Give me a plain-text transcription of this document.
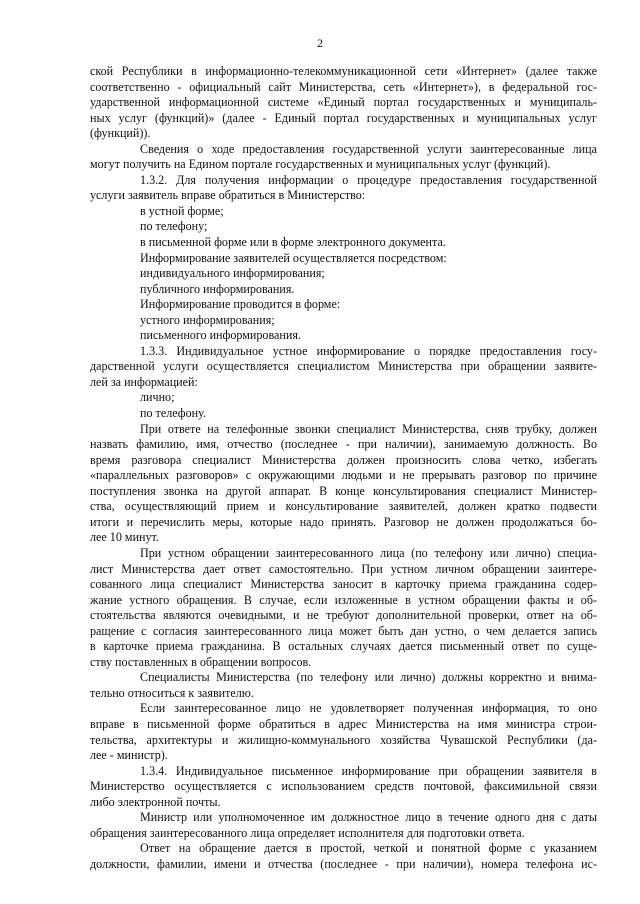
2
ской Республики в информационно-телекоммуникационной сети «Интернет» (далее также
соответственно - официальный сайт Министерства, сеть «Интернет»), в федеральной гос-
ударственной информационной системе «Единый портал государственных и муниципаль-
ных услуг (функций)» (далее - Единый портал государственных и муниципальных услуг
(функций)).
Сведения о ходе предоставления государственной услуги заинтересованные лица
могут получить на Едином портале государственных и муниципальных услуг (функций).
1.3.2. Для получения информации о процедуре предоставления государственной
услуги заявитель вправе обратиться в Министерство:
в устной форме;
по телефону;
в письменной форме или в форме электронного документа.
Информирование заявителей осуществляется посредством:
индивидуального информирования;
публичного информирования.
Информирование проводится в форме:
устного информирования;
письменного информирования.
1.3.3. Индивидуальное устное информирование о порядке предоставления госу-
дарственной услуги осуществляется специалистом Министерства при обращении заявите-
лей за информацией:
лично;
по телефону.
При ответе на телефонные звонки специалист Министерства, сняв трубку, должен
назвать фамилию, имя, отчество (последнее - при наличии), занимаемую должность. Во
время разговора специалист Министерства должен произносить слова четко, избегать
«параллельных разговоров» с окружающими людьми и не прерывать разговор по причине
поступления звонка на другой аппарат. В конце консультирования специалист Министер-
ства, осуществляющий прием и консультирование заявителей, должен кратко подвести
итоги и перечислить меры, которые надо принять. Разговор не должен продолжаться бо-
лее 10 минут.
При устном обращении заинтересованного лица (по телефону или лично) специа-
лист Министерства дает ответ самостоятельно. При устном личном обращении заинтере-
сованного лица специалист Министерства заносит в карточку приема гражданина содер-
жание устного обращения. В случае, если изложенные в устном обращении факты и об-
стоятельства являются очевидными, и не требуют дополнительной проверки, ответ на об-
ращение с согласия заинтересованного лица может быть дан устно, о чем делается запись
в карточке приема гражданина. В остальных случаях дается письменный ответ по суще-
ству поставленных в обращении вопросов.
Специалисты Министерства (по телефону или лично) должны корректно и внима-
тельно относиться к заявителю.
Если заинтересованное лицо не удовлетворяет полученная информация, то оно
вправе в письменной форме обратиться в адрес Министерства на имя министра строи-
тельства, архитектуры и жилищно-коммунального хозяйства Чувашской Республики (да-
лее - министр).
1.3.4. Индивидуальное письменное информирование при обращении заявителя в
Министерство осуществляется с использованием средств почтовой, факсимильной связи
либо электронной почты.
Министр или уполномоченное им должностное лицо в течение одного дня с даты
обращения заинтересованного лица определяет исполнителя для подготовки ответа.
Ответ на обращение дается в простой, четкой и понятной форме с указанием
должности, фамилии, имени и отчества (последнее - при наличии), номера телефона ис-
